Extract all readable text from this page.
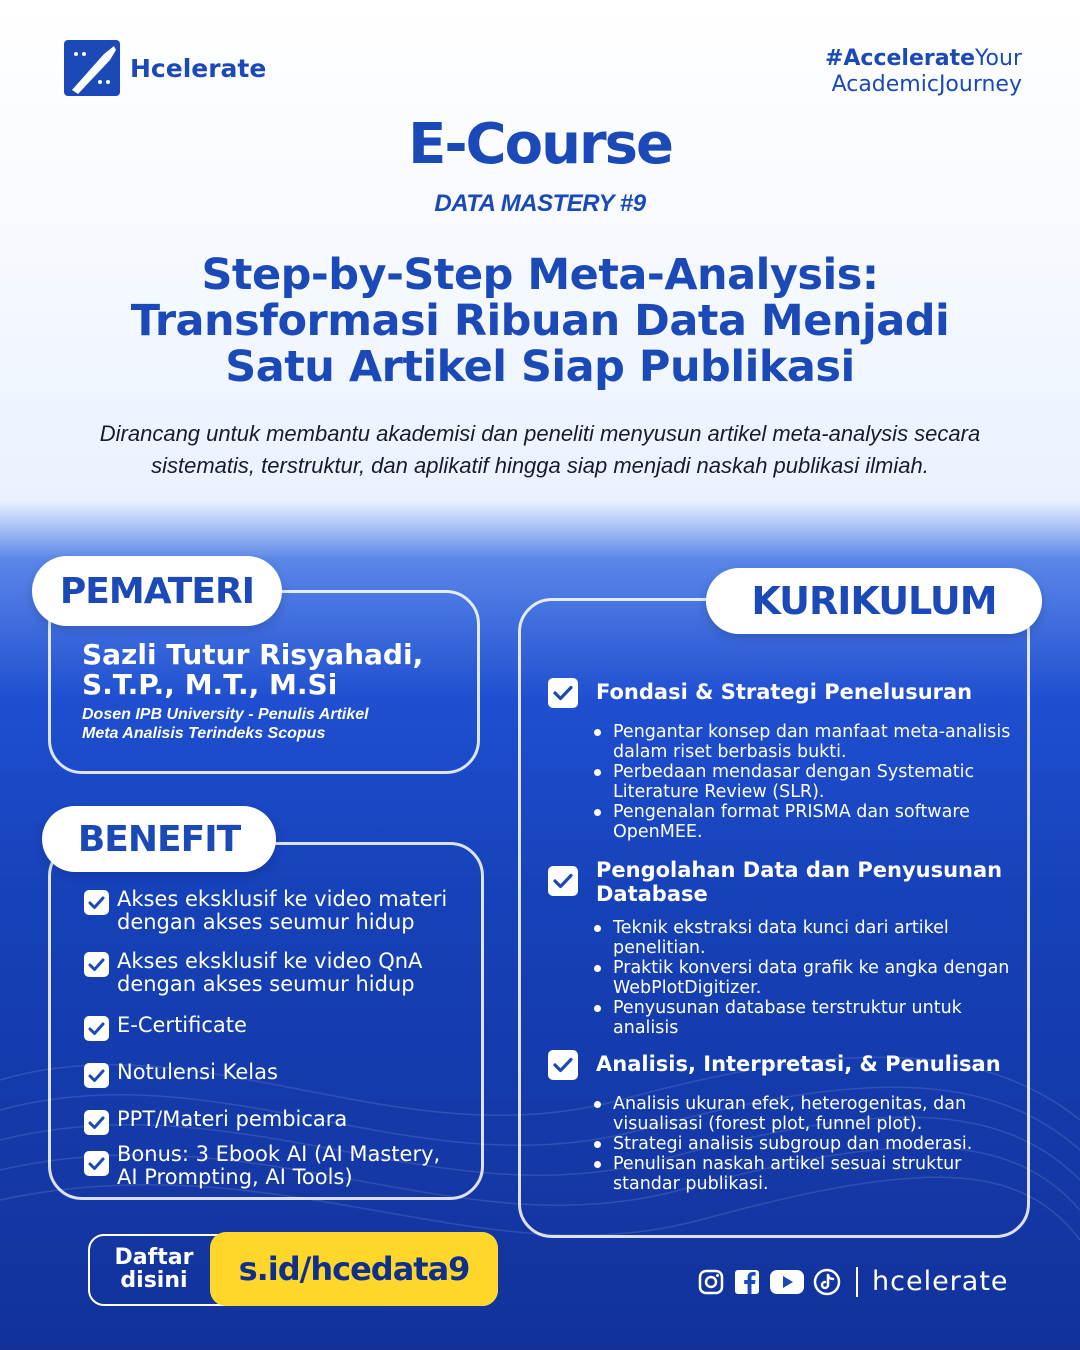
Hcelerate	#AccelerateYour
AcademicJourney
E-Course
DATA MASTERY #9
Step-by-Step Meta-Analysis:
Transformasi Ribuan Data Menjadi
Satu Artikel Siap Publikasi
Dirancang untuk membantu akademisi dan peneliti menyusun artikel meta-analysis secara sistematis, terstruktur, dan aplikatif hingga siap menjadi naskah publikasi ilmiah.
PEMATERI
Sazli Tutur Risyahadi,
S.T.P., M.T., M.Si
Dosen IPB University - Penulis Artikel
Meta Analisis Terindeks Scopus
BENEFIT
Akses eksklusif ke video materi
dengan akses seumur hidup
Akses eksklusif ke video QnA
dengan akses seumur hidup
E-Certificate
Notulensi Kelas
PPT/Materi pembicara
Bonus: 3 Ebook AI (AI Mastery,
AI Prompting, AI Tools)
KURIKULUM
Fondasi & Strategi Penelusuran
Pengantar konsep dan manfaat meta-analisis dalam riset berbasis bukti.
Perbedaan mendasar dengan Systematic Literature Review (SLR).
Pengenalan format PRISMA dan software OpenMEE.
Pengolahan Data dan Penyusunan Database
Teknik ekstraksi data kunci dari artikel penelitian.
Praktik konversi data grafik ke angka dengan WebPlotDigitizer.
Penyusunan database terstruktur untuk analisis
Analisis, Interpretasi, & Penulisan
Analisis ukuran efek, heterogenitas, dan visualisasi (forest plot, funnel plot).
Strategi analisis subgroup dan moderasi.
Penulisan naskah artikel sesuai struktur standar publikasi.
Daftar
disini	s.id/hcedata9	hcelerate
